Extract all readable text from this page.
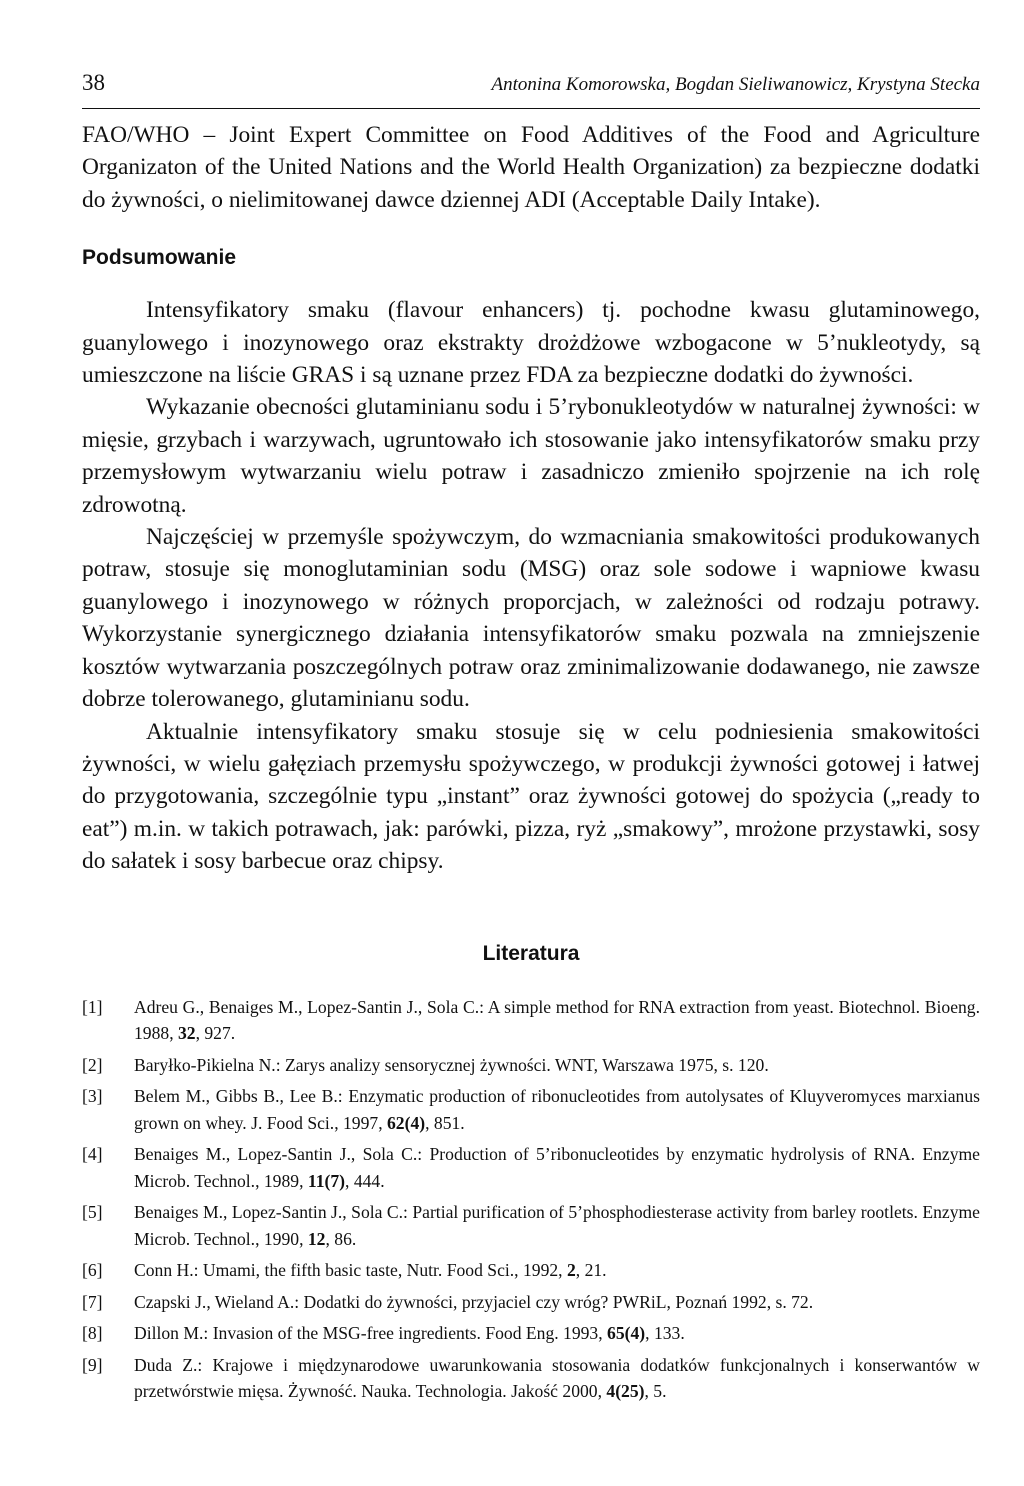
38	Antonina Komorowska, Bogdan Sieliwanowicz, Krystyna Stecka

FAO/WHO – Joint Expert Committee on Food Additives of the Food and Agriculture Organizaton of the United Nations and the World Health Organization) za bezpieczne dodatki do żywności, o nielimitowanej dawce dziennej ADI (Acceptable Daily Intake).

Podsumowanie

Intensyfikatory smaku (flavour enhancers) tj. pochodne kwasu glutaminowego, guanylowego i inozynowego oraz ekstrakty drożdżowe wzbogacone w 5’nukleotydy, są umieszczone na liście GRAS i są uznane przez FDA za bezpieczne dodatki do żywności.

Wykazanie obecności glutaminianu sodu i 5’rybonukleotydów w naturalnej żywności: w mięsie, grzybach i warzywach, ugruntowało ich stosowanie jako intensyfikatorów smaku przy przemysłowym wytwarzaniu wielu potraw i zasadniczo zmieniło spojrzenie na ich rolę zdrowotną.

Najczęściej w przemyśle spożywczym, do wzmacniania smakowitości produkowanych potraw, stosuje się monoglutaminian sodu (MSG) oraz sole sodowe i wapniowe kwasu guanylowego i inozynowego w różnych proporcjach, w zależności od rodzaju potrawy. Wykorzystanie synergicznego działania intensyfikatorów smaku pozwala na zmniejszenie kosztów wytwarzania poszczególnych potraw oraz zminimalizowanie dodawanego, nie zawsze dobrze tolerowanego, glutaminianu sodu.

Aktualnie intensyfikatory smaku stosuje się w celu podniesienia smakowitości żywności, w wielu gałęziach przemysłu spożywczego, w produkcji żywności gotowej i łatwej do przygotowania, szczególnie typu „instant” oraz żywności gotowej do spożycia („ready to eat”) m.in. w takich potrawach, jak: parówki, pizza, ryż „smakowy”, mrożone przystawki, sosy do sałatek i sosy barbecue oraz chipsy.

Literatura
[1]	Adreu G., Benaiges M., Lopez-Santin J., Sola C.: A simple method for RNA extraction from yeast. Biotechnol. Bioeng. 1988, 32, 927.
[2]	Baryłko-Pikielna N.: Zarys analizy sensorycznej żywności. WNT, Warszawa 1975, s. 120.
[3]	Belem M., Gibbs B., Lee B.: Enzymatic production of ribonucleotides from autolysates of Kluyveromyces marxianus grown on whey. J. Food Sci., 1997, 62(4), 851.
[4]	Benaiges M., Lopez-Santin J., Sola C.: Production of 5’ribonucleotides by enzymatic hydrolysis of RNA. Enzyme Microb. Technol., 1989, 11(7), 444.
[5]	Benaiges M., Lopez-Santin J., Sola C.: Partial purification of 5’phosphodiesterase activity from barley rootlets. Enzyme Microb. Technol., 1990, 12, 86.
[6]	Conn H.: Umami, the fifth basic taste, Nutr. Food Sci., 1992, 2, 21.
[7]	Czapski J., Wieland A.: Dodatki do żywności, przyjaciel czy wróg? PWRiL, Poznań 1992, s. 72.
[8]	Dillon M.: Invasion of the MSG-free ingredients. Food Eng. 1993, 65(4), 133.
[9]	Duda Z.: Krajowe i międzynarodowe uwarunkowania stosowania dodatków funkcjonalnych i konserwantów w przetwórstwie mięsa. Żywność. Nauka. Technologia. Jakość 2000, 4(25), 5.
